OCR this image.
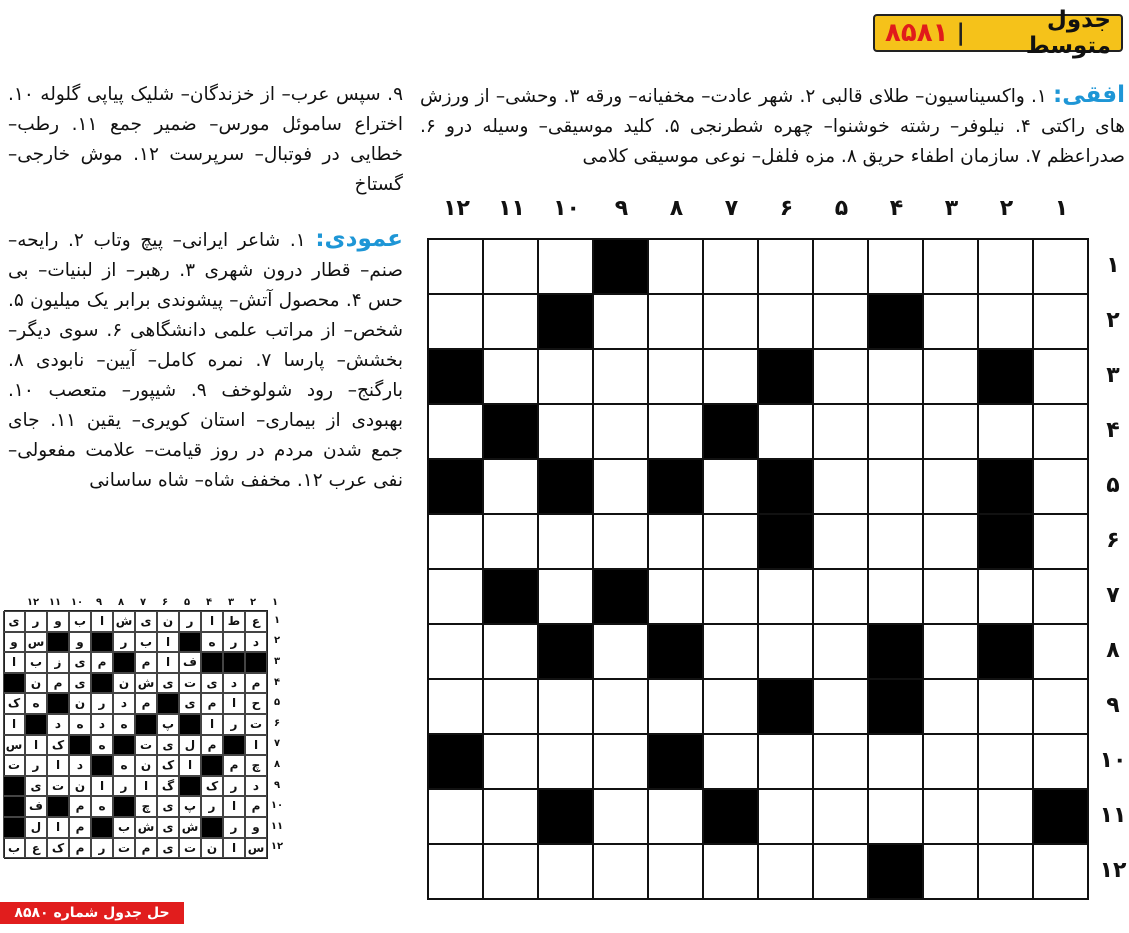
جدول متوسط
|
۸۵۸۱
افقی: ۱. واکسیناسیون– طلای قالبی ۲. شهر عادت– مخفیانه– ورقه ۳. وحشی– از ورزش های راکتی ۴. نیلوفر– رشته خوشنوا– چهره شطرنجی ۵. کلید موسیقی– وسیله درو ۶. صدراعظم ۷. سازمان اطفاء حریق ۸. مزه فلفل– نوعی موسیقی کلامی
۹. سپس عرب– از خزندگان– شلیک پیاپی گلوله ۱۰. اختراع ساموئل مورس– ضمیر جمع ۱۱. رطب– خطایی در فوتبال– سرپرست ۱۲. موش خارجی– گستاخ
عمودی: ۱. شاعر ایرانی– پیچ وتاب ۲. رایحه– صنم– قطار درون شهری ۳. رهبر– از لبنیات– بی حس ۴. محصول آتش– پیشوندی برابر یک میلیون ۵. شخص– از مراتب علمی دانشگاهی ۶. سوی دیگر– بخشش– پارسا ۷. نمره کامل– آیین– نابودی ۸. بارگنج– رود شولوخف ۹. شیپور– متعصب ۱۰. بهبودی از بیماری– استان کویری– یقین ۱۱. جای جمع شدن مردم در روز قیامت– علامت مفعولی– نفی عرب ۱۲. مخفف شاه– شاه ساسانی
۱
۲
۳
۴
۵
۶
۷
۸
۹
۱۰
۱۱
۱۲
۱
۲
۳
۴
۵
۶
۷
۸
۹
۱۰
۱۱
۱۲
۱
۲
۳
۴
۵
۶
۷
۸
۹
۱۰
۱۱
۱۲
ع
ط
ا
ر
ن
ی
ش
ا
ب
و
ر
ی
د
ر
ه
ا
ب
ر
و
س
و
ف
ا
م
م
ی
ز
ب
ا
م
د
ی
ت
ی
ش
ن
ی
م
ن
ح
ا
م
ی
م
د
ر
ن
ه
ک
ت
ر
ا
پ
ه
د
ه
د
ا
ا
م
ل
ی
ت
ه
ک
ا
س
چ
م
ا
ک
ن
ه
د
ا
ر
ت
د
ر
ک
گ
ا
ر
ا
ن
ت
ی
م
ا
ر
پ
ی
چ
ه
م
ف
و
ر
ش
ی
ش
ب
م
ا
ل
س
ا
ن
ت
ی
م
ت
ر
م
ک
ع
ب
۱
۲
۳
۴
۵
۶
۷
۸
۹
۱۰
۱۱
۱۲
حل جدول شماره ۸۵۸۰
